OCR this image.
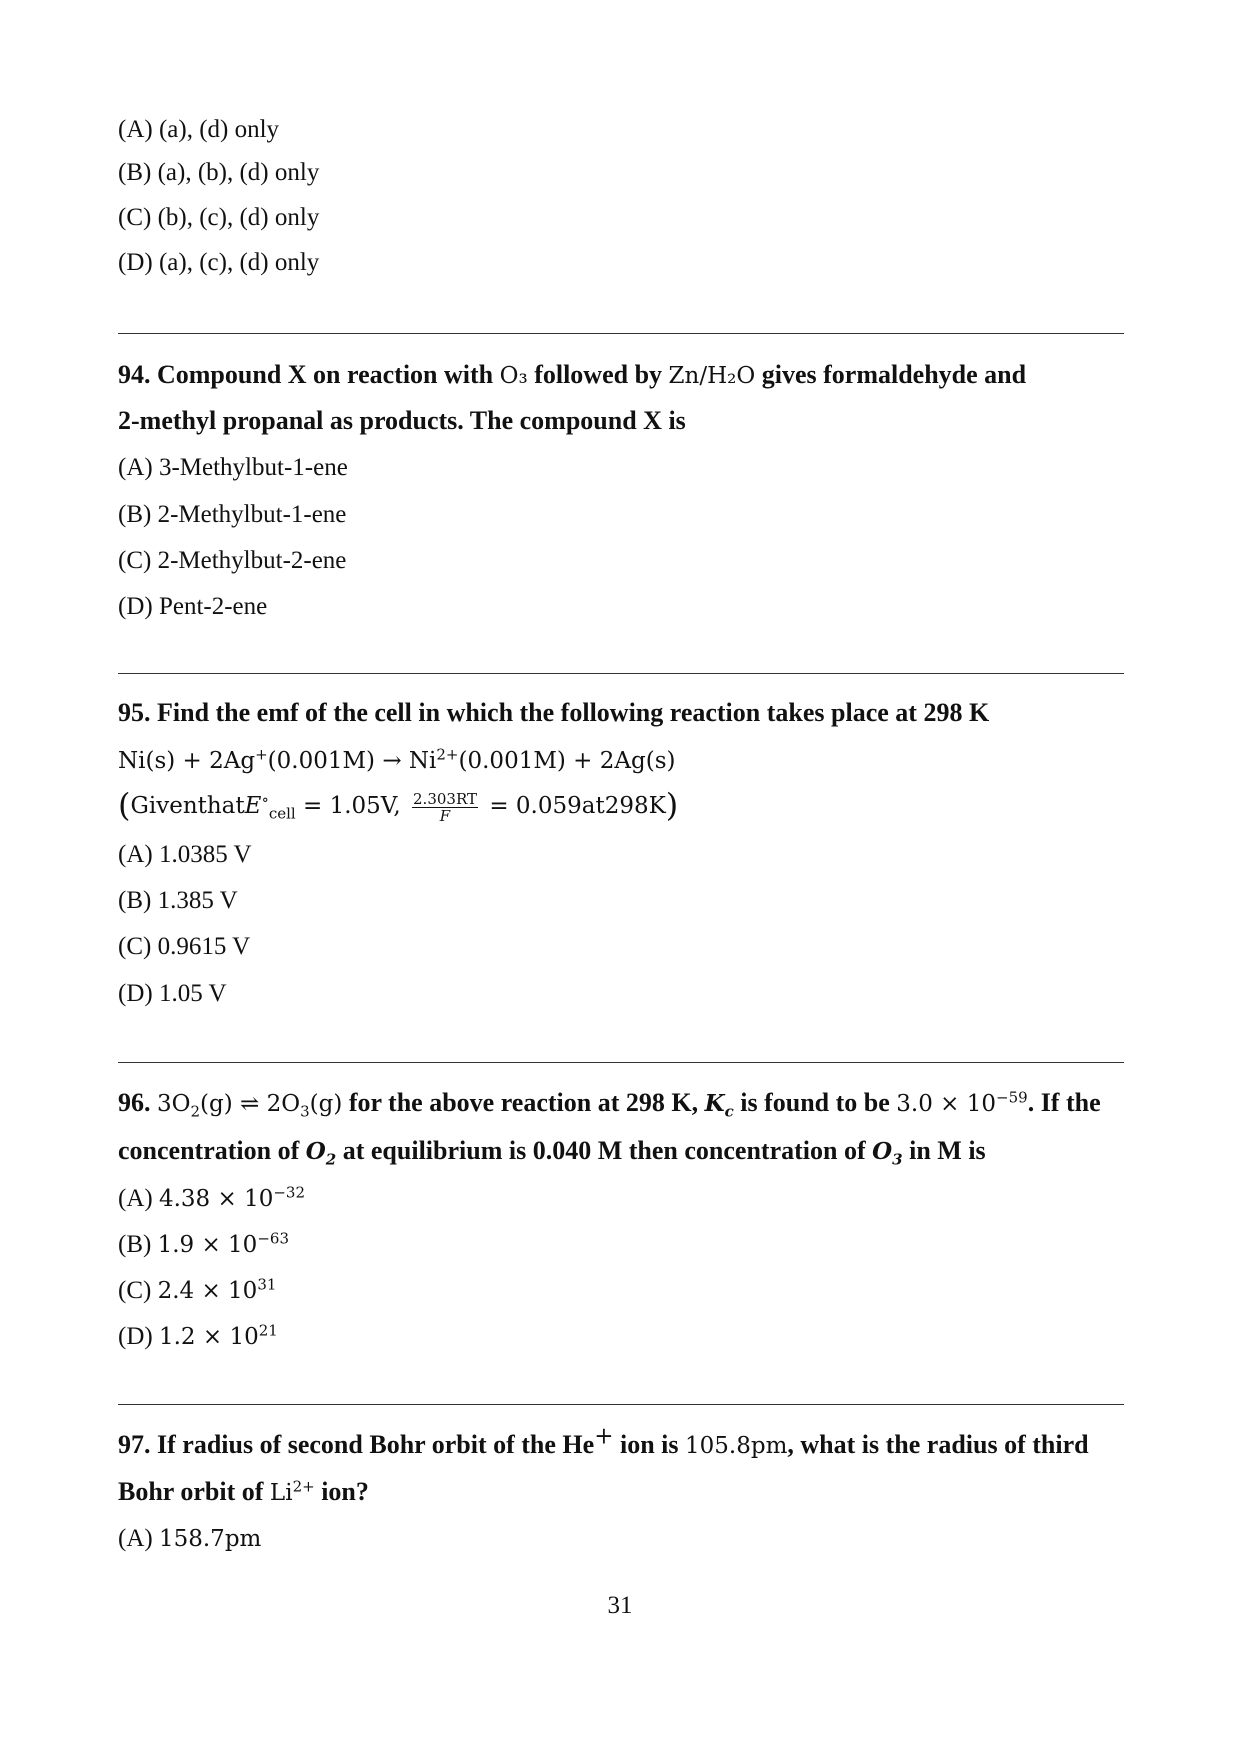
(A) (a), (d) only
(B) (a), (b), (d) only
(C) (b), (c), (d) only
(D) (a), (c), (d) only
94. Compound X on reaction with O₃ followed by Zn/H₂O gives formaldehyde and
2-methyl propanal as products. The compound X is
(A) 3-Methylbut-1-ene
(B) 2-Methylbut-1-ene
(C) 2-Methylbut-2-ene
(D) Pent-2-ene
95. Find the emf of the cell in which the following reaction takes place at 298 K
$Ni(s) + 2Ag^+(0.001M) \to Ni^{2+}(0.001M) + 2Ag(s)$
(GiventhatE∘$_{cell}$ = 1.05V, $\frac{2.303RT}{F} = 0.059at298K$)
(A) 1.0385 V
(B) 1.385 V
(C) 0.9615 V
(D) 1.05 V
96. $3O_2(g)$ ⇌ $2O_3(g)$ for the above reaction at 298 K, $K_c$ is found to be $3.0 \times 10^{-59}$. If the
concentration of $O_2$ at equilibrium is 0.040 M then concentration of $O_3$ in M is
(A) $4.38 \times 10^{-32}$
(B) $1.9 \times 10^{-63}$
(C) $2.4 \times 10^{31}$
(D) $1.2 \times 10^{21}$
97. If radius of second Bohr orbit of the He+ ion is 105.8pm, what is the radius of third
Bohr orbit of $Li^{2+}$ ion?
(A) 158.7pm
31
